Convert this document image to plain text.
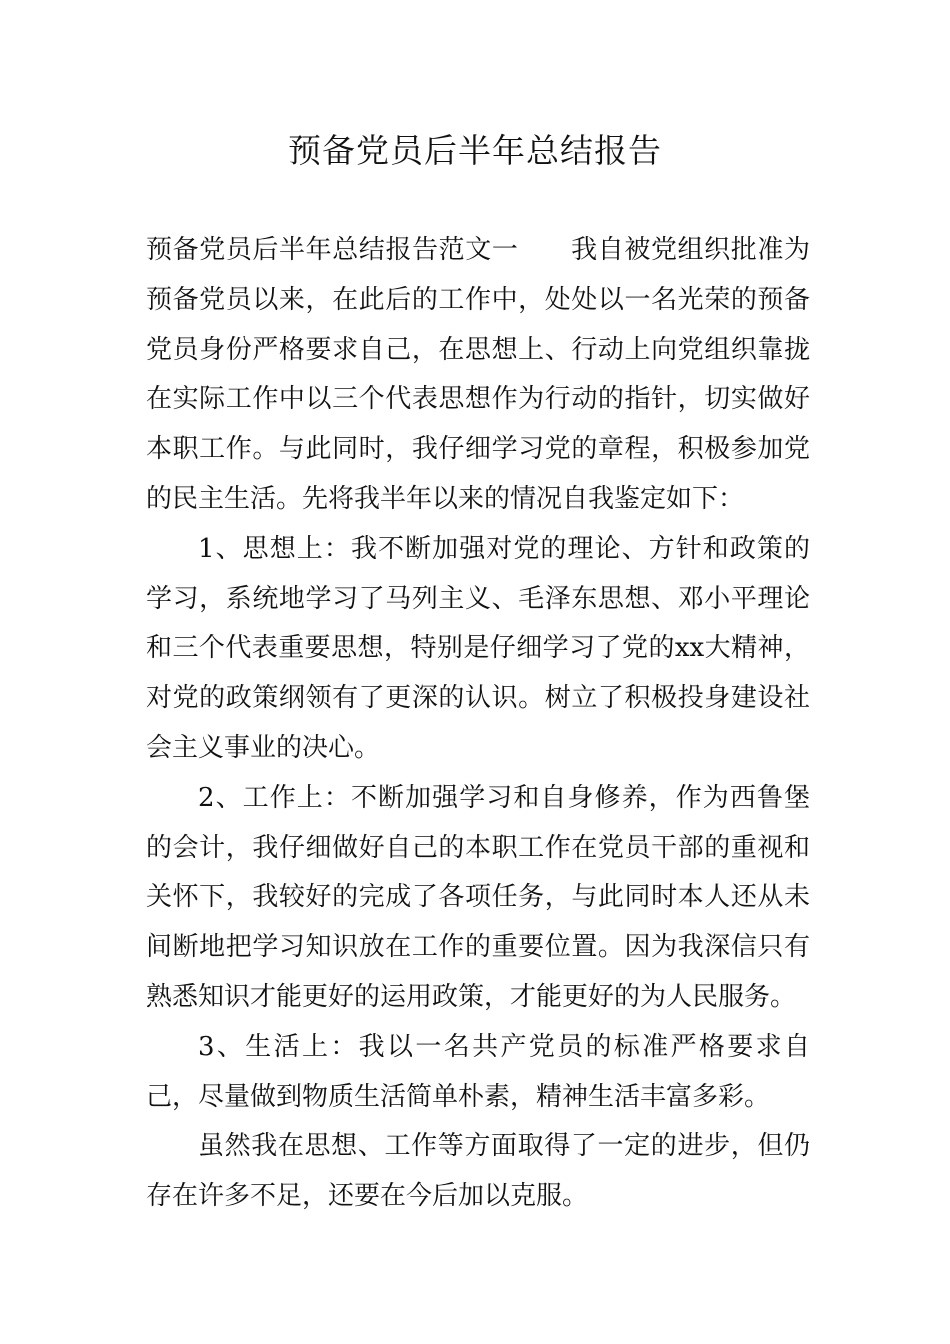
预备党员后半年总结报告

预备党员后半年总结报告范文一 我自被党组织批准为预备党员以来，在此后的工作中，处处以一名光荣的预备党员身份严格要求自己，在思想上、行动上向党组织靠拢在实际工作中以三个代表思想作为行动的指针，切实做好本职工作。与此同时，我仔细学习党的章程，积极参加党的民主生活。先将我半年以来的情况自我鉴定如下：

1、思想上：我不断加强对党的理论、方针和政策的学习，系统地学习了马列主义、毛泽东思想、邓小平理论和三个代表重要思想，特别是仔细学习了党的xx大精神，对党的政策纲领有了更深的认识。树立了积极投身建设社会主义事业的决心。

2、工作上：不断加强学习和自身修养，作为西鲁堡的会计，我仔细做好自己的本职工作在党员干部的重视和关怀下，我较好的完成了各项任务，与此同时本人还从未间断地把学习知识放在工作的重要位置。因为我深信只有熟悉知识才能更好的运用政策，才能更好的为人民服务。

3、生活上：我以一名共产党员的标准严格要求自己，尽量做到物质生活简单朴素，精神生活丰富多彩。

虽然我在思想、工作等方面取得了一定的进步，但仍存在许多不足，还要在今后加以克服。
